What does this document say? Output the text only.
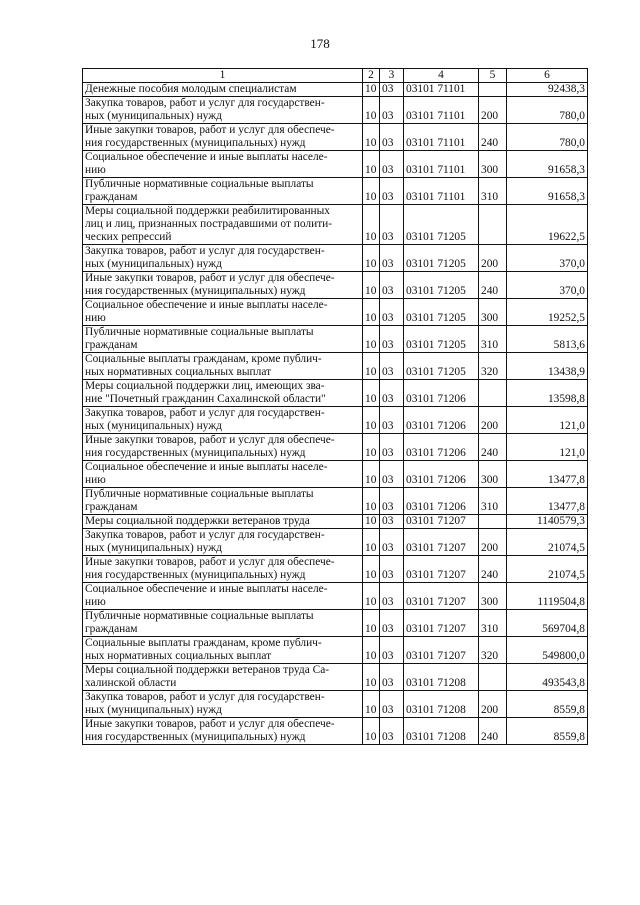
178
1	2	3	4	5	6
Денежные пособия молодым специалистам	10	03	03101 71101		92438,3
Закупка товаров, работ и услуг для государствен-
ных (муниципальных) нужд	10	03	03101 71101	200	780,0
Иные закупки товаров, работ и услуг для обеспече-
ния государственных (муниципальных) нужд	10	03	03101 71101	240	780,0
Социальное обеспечение и иные выплаты населе-
нию	10	03	03101 71101	300	91658,3
Публичные нормативные социальные выплаты
гражданам	10	03	03101 71101	310	91658,3
Меры социальной поддержки реабилитированных
лиц и лиц, признанных пострадавшими от полити-
ческих репрессий	10	03	03101 71205		19622,5
Закупка товаров, работ и услуг для государствен-
ных (муниципальных) нужд	10	03	03101 71205	200	370,0
Иные закупки товаров, работ и услуг для обеспече-
ния государственных (муниципальных) нужд	10	03	03101 71205	240	370,0
Социальное обеспечение и иные выплаты населе-
нию	10	03	03101 71205	300	19252,5
Публичные нормативные социальные выплаты
гражданам	10	03	03101 71205	310	5813,6
Социальные выплаты гражданам, кроме публич-
ных нормативных социальных выплат	10	03	03101 71205	320	13438,9
Меры социальной поддержки лиц, имеющих зва-
ние "Почетный гражданин Сахалинской области"	10	03	03101 71206		13598,8
Закупка товаров, работ и услуг для государствен-
ных (муниципальных) нужд	10	03	03101 71206	200	121,0
Иные закупки товаров, работ и услуг для обеспече-
ния государственных (муниципальных) нужд	10	03	03101 71206	240	121,0
Социальное обеспечение и иные выплаты населе-
нию	10	03	03101 71206	300	13477,8
Публичные нормативные социальные выплаты
гражданам	10	03	03101 71206	310	13477,8
Меры социальной поддержки ветеранов труда	10	03	03101 71207		1140579,3
Закупка товаров, работ и услуг для государствен-
ных (муниципальных) нужд	10	03	03101 71207	200	21074,5
Иные закупки товаров, работ и услуг для обеспече-
ния государственных (муниципальных) нужд	10	03	03101 71207	240	21074,5
Социальное обеспечение и иные выплаты населе-
нию	10	03	03101 71207	300	1119504,8
Публичные нормативные социальные выплаты
гражданам	10	03	03101 71207	310	569704,8
Социальные выплаты гражданам, кроме публич-
ных нормативных социальных выплат	10	03	03101 71207	320	549800,0
Меры социальной поддержки ветеранов труда Са-
халинской области	10	03	03101 71208		493543,8
Закупка товаров, работ и услуг для государствен-
ных (муниципальных) нужд	10	03	03101 71208	200	8559,8
Иные закупки товаров, работ и услуг для обеспече-
ния государственных (муниципальных) нужд	10	03	03101 71208	240	8559,8
